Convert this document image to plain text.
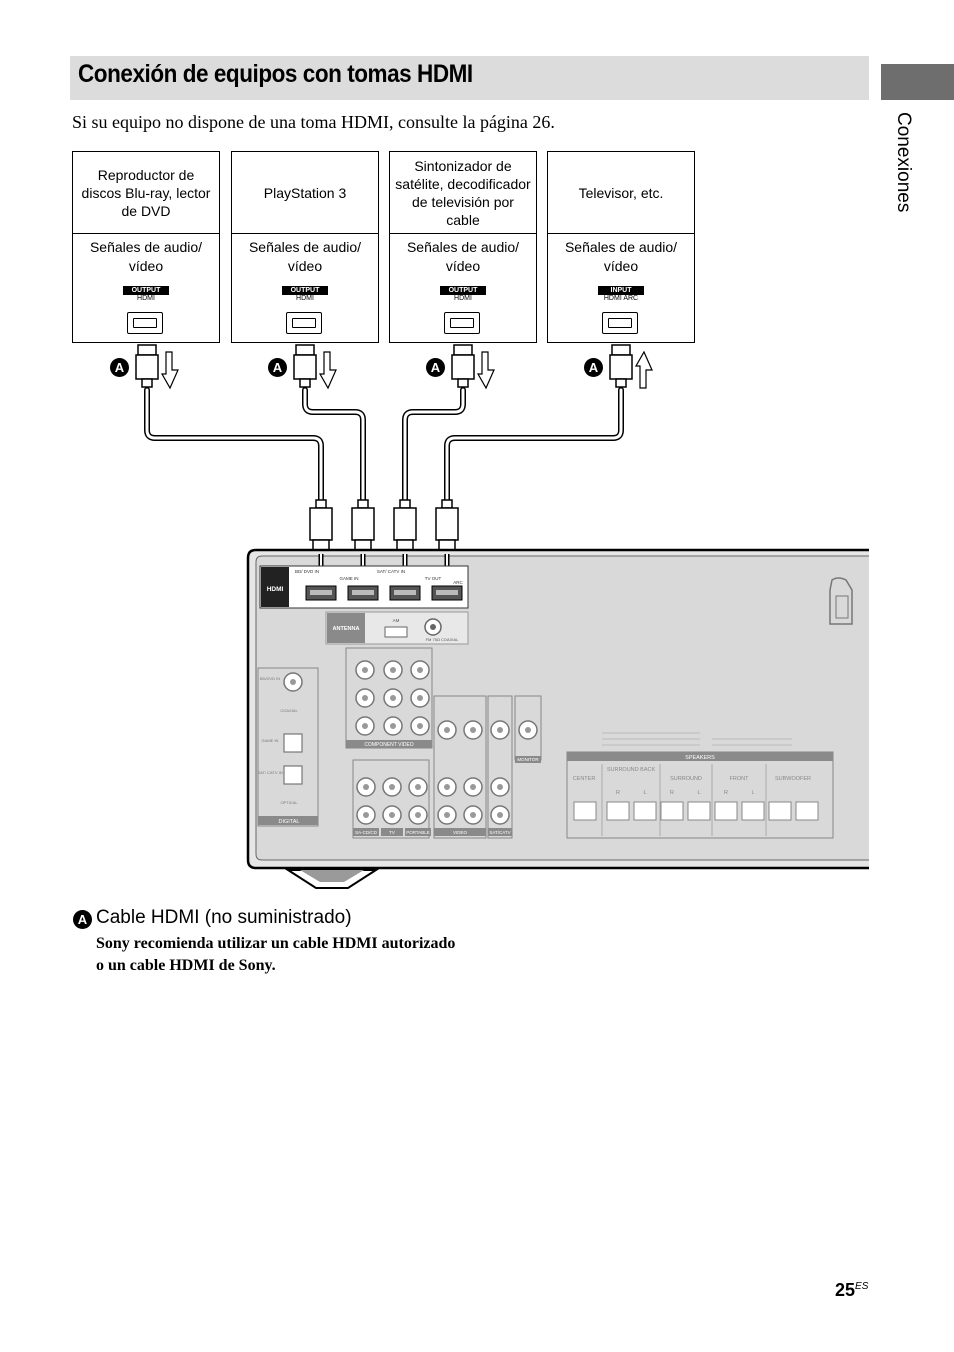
Conexión de equipos con tomas HDMI
Conexiones
Si su equipo no dispone de una toma HDMI, consulte la página 26.
Reproductor de discos Blu-ray, lector de DVD
Señales de audio/ vídeo
OUTPUT
HDMI
PlayStation 3
Señales de audio/ vídeo
OUTPUT
HDMI
Sintonizador de satélite, decodificador de televisión por cable
Señales de audio/ vídeo
OUTPUT
HDMI
Televisor, etc.
Señales de audio/ vídeo
INPUT
HDMI ARC
A	A	A	A
HDMI
BD/ DVD IN
GAME IN
SAT/ CATV IN
TV OUT
ARC
ANTENNA
AM
FM 75Ω COAXIAL
COMPONENT VIDEO
DIGITAL
BD/DVD IN
COAXIAL
GAME IN
SAT/ CATV IN
OPTICAL
SA-CD/CD	TV	PORTABLE	VIDEO	SAT/CATV
MONITOR	SPEAKERS
CENTER
SURROUND BACK
SURROUND	FRONT	SUBWOOFER
R	L	R	L	R	L
A Cable HDMI (no suministrado)
Sony recomienda utilizar un cable HDMI autorizado o un cable HDMI de Sony.
$25^{ES}$
